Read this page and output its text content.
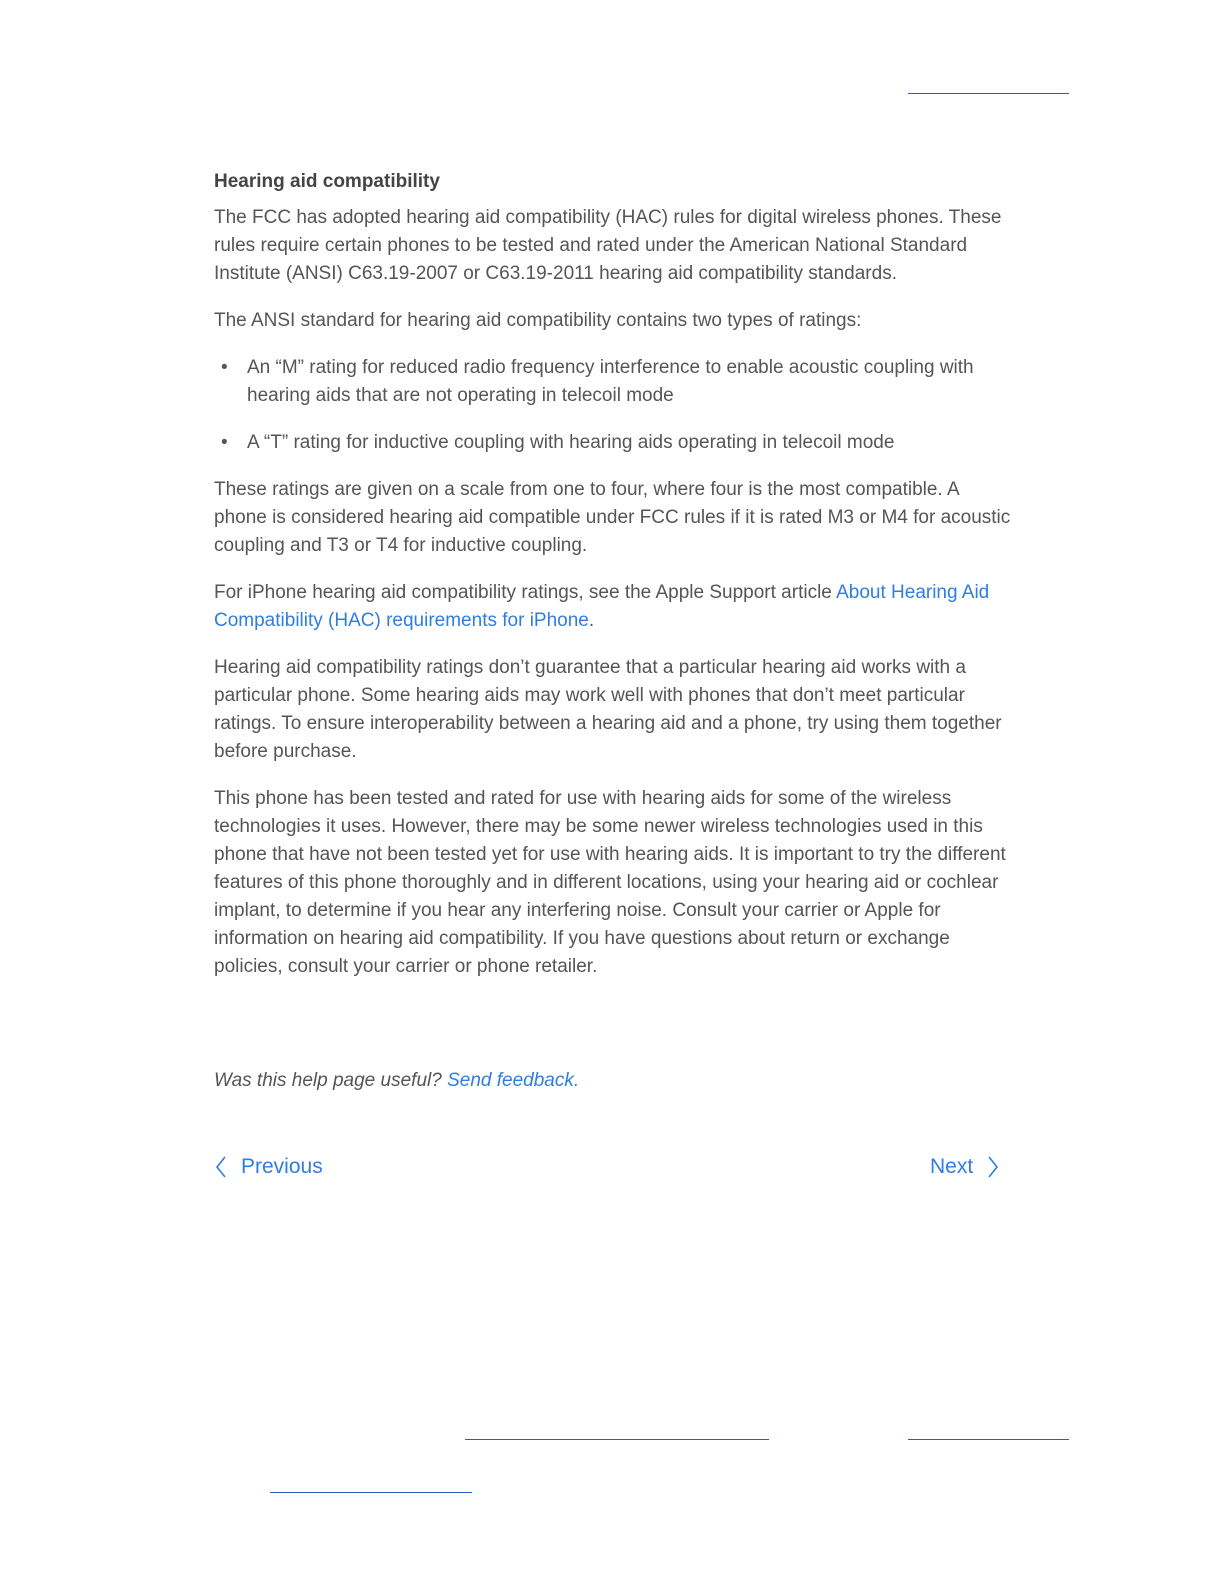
Hearing aid compatibility

The FCC has adopted hearing aid compatibility (HAC) rules for digital wireless phones. These rules require certain phones to be tested and rated under the American National Standard Institute (ANSI) C63.19-2007 or C63.19-2011 hearing aid compatibility standards.

The ANSI standard for hearing aid compatibility contains two types of ratings:

• An “M” rating for reduced radio frequency interference to enable acoustic coupling with hearing aids that are not operating in telecoil mode
• A “T” rating for inductive coupling with hearing aids operating in telecoil mode

These ratings are given on a scale from one to four, where four is the most compatible. A phone is considered hearing aid compatible under FCC rules if it is rated M3 or M4 for acoustic coupling and T3 or T4 for inductive coupling.

For iPhone hearing aid compatibility ratings, see the Apple Support article About Hearing Aid Compatibility (HAC) requirements for iPhone.

Hearing aid compatibility ratings don’t guarantee that a particular hearing aid works with a particular phone. Some hearing aids may work well with phones that don’t meet particular ratings. To ensure interoperability between a hearing aid and a phone, try using them together before purchase.

This phone has been tested and rated for use with hearing aids for some of the wireless technologies it uses. However, there may be some newer wireless technologies used in this phone that have not been tested yet for use with hearing aids. It is important to try the different features of this phone thoroughly and in different locations, using your hearing aid or cochlear implant, to determine if you hear any interfering noise. Consult your carrier or Apple for information on hearing aid compatibility. If you have questions about return or exchange policies, consult your carrier or phone retailer.

Was this help page useful? Send feedback.
Previous	Next
